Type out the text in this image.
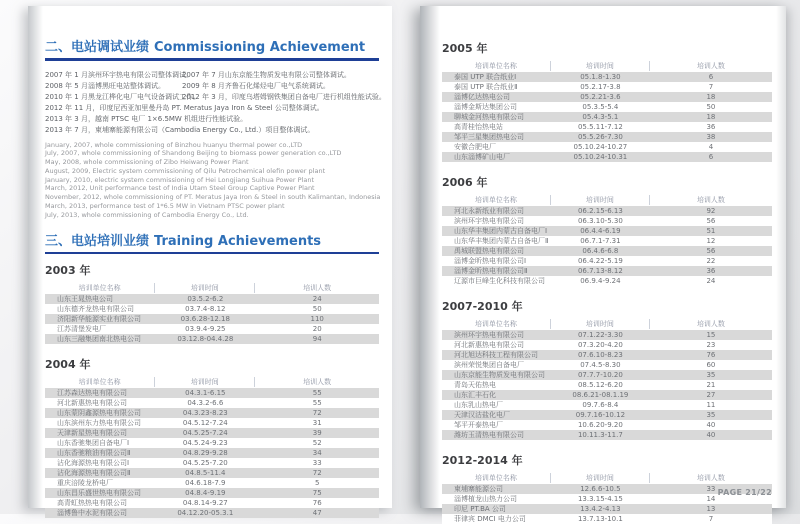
二、电站调试业绩 Commissioning Achievement
2007 年 1 月滨州环宇热电有限公司整体调试。
2007 年 7 月山东京能生物质发电有限公司整体调试。
2008 年 5 月淄博黑旺电站整体调试。	2009 年 8 月齐鲁石化烯烃电厂电气系统调试。
2010 年 1 月黑龙江桦化电厂电气设备调试工作。
2012 年 3 月，印度乌塔姆钢铁集团自备电厂进行机组性能试验。
2012 年 11 月，印度尼西亚加里曼丹岛 PT. Meratus Jaya Iron & Steel 公司整体调试。
2013 年 3 月，越南 PTSC 电厂 1×6.5MW 机组进行性能试验。
2013 年 7 月，柬埔寨能源有限公司（Cambodia Energy Co., Ltd.）项目整体调试。
January, 2007, whole commissioning of Binzhou huanyu thermal power co.,LTD
July, 2007, whole commissioning of Shandong Beijing to biomass power generation co.,LTD
May, 2008, whole commissioning of Zibo Heiwang Power Plant
August, 2009, Electric system commissioning of Qilu Petrochemical olefin power plant
January, 2010, electric system commissioning of Hei Longjiang Suihua Power Plant
March, 2012, Unit performance test of India Utam Steel Group Captive Power Plant
November, 2012, whole commissioning of PT. Meratus Jaya Iron & Steel in south Kalimantan, Indonesia
March, 2013, performance test of 1*6.5 MW in Vietnam PTSC power plant
July, 2013, whole commissioning of Cambodia Energy Co., Ltd.
三、电站培训业绩 Training Achievements
2003 年
培训单位名称	培训时间	培训人数
山东王晁热电公司	03.5.2-6.2	24
山东德齐龙热电有限公司	03.7.4-8.12	50
济阳新华能源实业有限公司	03.6.28-12.18	110
江苏清堡发电厂	03.9.4-9.25	20
山东三融集团南北热电公司	03.12.8-04.4.28	94
2004 年
培训单位名称	培训时间	培训人数
江苏森达热电有限公司	04.3.1-6.15	55
河北新惠热电有限公司	04.3.2-6.6	55
山东蒙阴鑫源热电有限公司	04.3.23-8.23	72
山东滨州东力热电有限公司	04.5.12-7.24	31
天津新星热电有限公司	04.5.25-7.24	39
山东香驰集团自备电厂Ⅰ	04.5.24-9.23	52
山东香驰粮油有限公司Ⅱ	04.8.29-9.28	34
沾化海源热电有限公司Ⅰ	04.5.25-7.20	33
沾化海源热电有限公司Ⅱ	04.8.5-11.4	72
重庆涪陵龙桥电厂	04.6.18-7.9	5
山东昌乐盛世热电有限公司	04.8.4-9.19	75
高青虹热热电有限公司	04.8.14-9.27	76
淄博鲁中水泥有限公司	04.12.20-05.3.1	47
2005 年
培训单位名称	培训时间	培训人数
泰国 UTP 联合纸业Ⅰ	05.1.8-1.30	6
泰国 UTP 联合纸业Ⅱ	05.2.17-3.8	7
淄博亿达热电公司	05.2.21-3.6	18
淄博金斯达集团公司	05.3.5-5.4	50
聊城金河热电有限公司	05.4.3-5.1	18
高青桂怡热电站	05.5.11-7.12	36
邹平三星集团热电公司	05.5.26-7.30	38
安徽合肥电厂	05.10.24-10.27	4
山东淄博矿山电厂	05.10.24-10.31	6
2006 年
培训单位名称	培训时间	培训人数
河北永新纸业有限公司	06.2.15-6.13	92
滨州环宇热电有限公司	06.3.10-5.30	56
山东华丰集团内蒙古自备电厂Ⅰ	06.4.4-6.19	51
山东华丰集团内蒙古自备电厂Ⅱ	06.7.1-7.31	12
禹城联盟热电有限公司	06.4.6-6.8	56
淄博金昕热电有限公司Ⅰ	06.4.22-5.19	22
淄博金昕热电有限公司Ⅱ	06.7.13-8.12	36
辽源市巨峰生化科技有限公司	06.9.4-9.24	24
2007-2010 年
培训单位名称	培训时间	培训人数
滨州环宇热电有限公司	07.1.22-3.30	15
河北新惠热电有限公司	07.3.20-4.20	23
河北旭达科技工程有限公司	07.6.10-8.23	76
滨州荣悦集团自备电厂	07.4.5-8.30	60
山东京能生物质发电有限公司	07.7.7-10.20	35
青岛天佑热电	08.5.12-6.20	21
山东汇丰石化	08.6.21-08.1.19	27
山东乳山热电厂	09.7.6-8.4	11
天津汉沽盐化电厂	09.7.16-10.12	35
邹平开泰热电厂	10.6.20-9.20	40
潍坊玉清热电有限公司	10.11.3-11.7	40
2012-2014 年
培训单位名称	培训时间	培训人数
柬埔寨能源公司	12.6.6-10.5	33
淄博植龙山热力公司	13.3.15-4.15	14
印尼 PT.BA 公司	13.4.2-4.13	13
菲律宾 DMCI 电力公司	13.7.13-10.1	7
PAGE 21/22
